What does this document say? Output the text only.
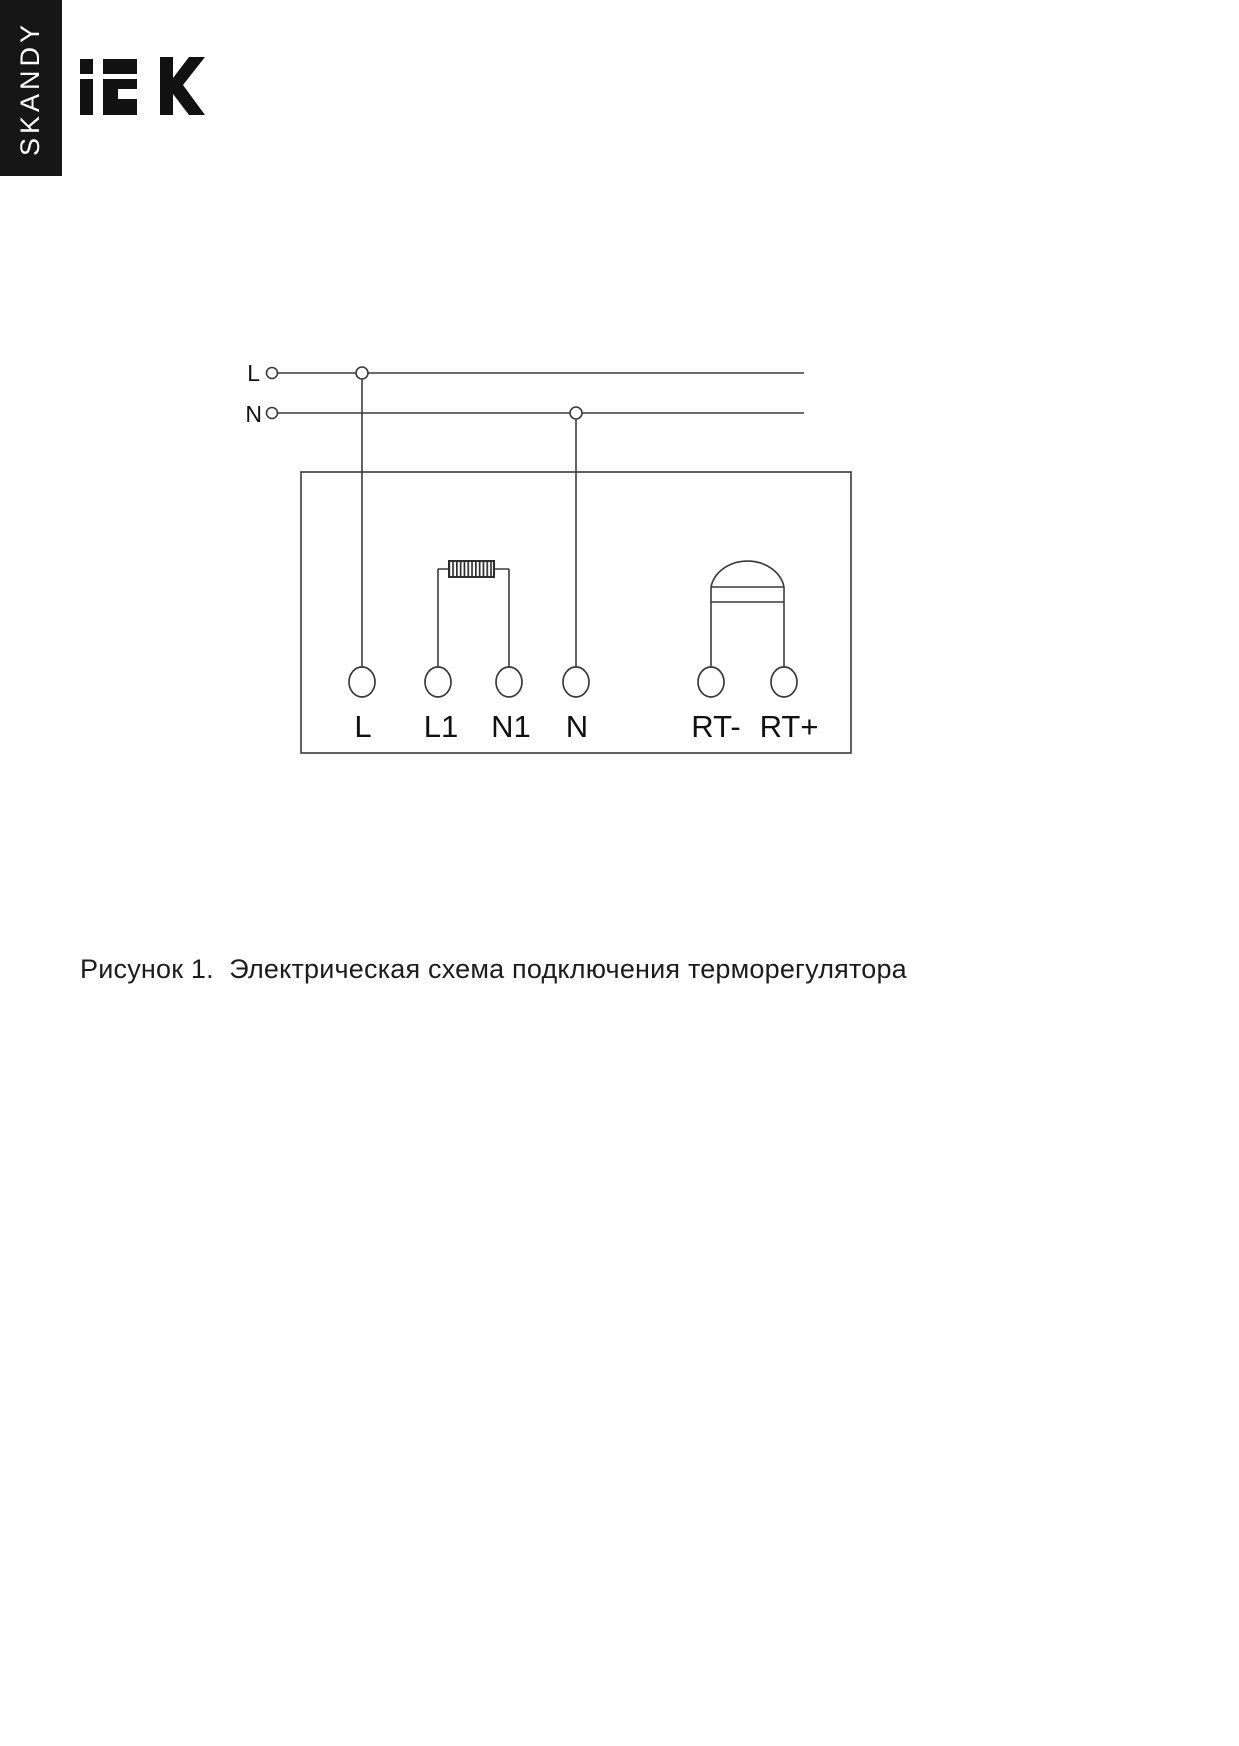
SKANDY
L
N
L L1 N1 N	RT- RT+
Рисунок 1.  Электрическая схема подключения терморегулятора
